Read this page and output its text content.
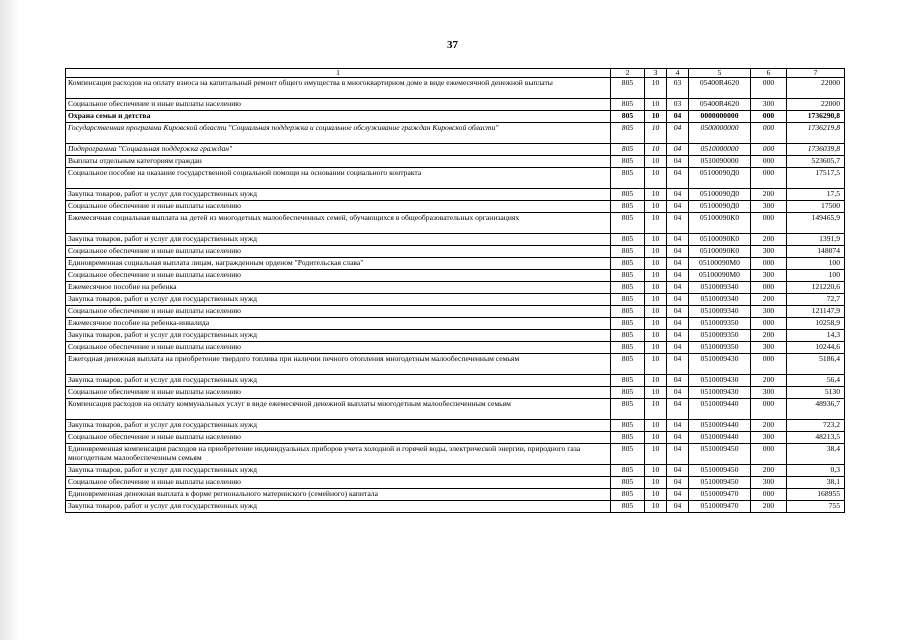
37
1	2	3	4	5	6	7
Компенсация расходов на оплату взноса на капитальный ремонт общего имущества в многоквартирном доме в виде ежемесячной денежной выплаты	805	10	03	05400R4620	000	22000
Социальное обеспечение и иные выплаты населению	805	10	03	05400R4620	300	22000
Охрана семьи и детства	805	10	04	0000000000	000	1736290,8
Государственная программа Кировской области "Социальная поддержка и социальное обслуживание граждан Кировской области"	805	10	04	0500000000	000	1736219,8
Подпрограмма "Социальная поддержка граждан"	805	10	04	0510000000	000	1736039,8
Выплаты отдельным категориям граждан	805	10	04	0510090000	000	523605,7
Социальное пособие на оказание государственной социальной помощи на основании социального контракта	805	10	04	05100090Д0	000	17517,5
Закупка товаров, работ и услуг для государственных нужд	805	10	04	05100090Д0	200	17,5
Социальное обеспечение и иные выплаты населению	805	10	04	05100090Д0	300	17500
Ежемесячная социальная выплата на детей из многодетных малообеспеченных семей, обучающихся в общеобразовательных организациях	805	10	04	05100090К0	000	149465,9
Закупка товаров, работ и услуг для государственных нужд	805	10	04	05100090К0	200	1391,9
Социальное обеспечение и иные выплаты населению	805	10	04	05100090К0	300	148074
Единовременная социальная выплата лицам, награжденным орденом "Родительская слава"	805	10	04	05100090М0	000	100
Социальное обеспечение и иные выплаты населению	805	10	04	05100090М0	300	100
Ежемесячное пособие на ребенка	805	10	04	0510009340	000	121220,6
Закупка товаров, работ и услуг для государственных нужд	805	10	04	0510009340	200	72,7
Социальное обеспечение и иные выплаты населению	805	10	04	0510009340	300	121147,9
Ежемесячное пособие на ребенка-инвалида	805	10	04	0510009350	000	10258,9
Закупка товаров, работ и услуг для государственных нужд	805	10	04	0510009350	200	14,3
Социальное обеспечение и иные выплаты населению	805	10	04	0510009350	300	10244,6
Ежегодная денежная выплата на приобретение твердого топлива при наличии печного отопления многодетным малообеспеченным семьям	805	10	04	0510009430	000	5186,4
Закупка товаров, работ и услуг для государственных нужд	805	10	04	0510009430	200	56,4
Социальное обеспечение и иные выплаты населению	805	10	04	0510009430	300	5130
Компенсация расходов на оплату коммунальных услуг в виде ежемесячной денежной выплаты многодетным малообеспеченным семьям	805	10	04	0510009440	000	48936,7
Закупка товаров, работ и услуг для государственных нужд	805	10	04	0510009440	200	723,2
Социальное обеспечение и иные выплаты населению	805	10	04	0510009440	300	48213,5
Единовременная компенсация расходов на приобретение индивидуальных приборов учета холодной и горячей воды, электрической энергии, природного газа многодетным малообеспеченным семьям	805	10	04	0510009450	000	38,4
Закупка товаров, работ и услуг для государственных нужд	805	10	04	0510009450	200	0,3
Социальное обеспечение и иные выплаты населению	805	10	04	0510009450	300	38,1
Единовременная денежная выплата в форме регионального материнского (семейного) капитала	805	10	04	0510009470	000	168955
Закупка товаров, работ и услуг для государственных нужд	805	10	04	0510009470	200	755
